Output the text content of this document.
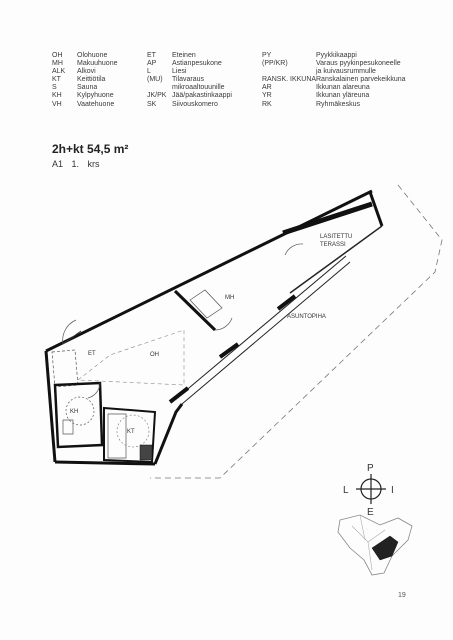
OH	Olohuone
MH	Makuuhuone
ALK	Alkovi
KT	Keittiötila
S	Sauna
KH	Kylpyhuone
VH	Vaatehuone
ET	Eteinen
AP	Astianpesukone
L	Liesi
(MU)	Tilavaraus
mikroaaltouunille
JK/PK Jää/pakastinkaappi
SK	Siivouskomero
PY	Pyykkikaappi
(PP/KR)	Varaus pyykinpesukoneelle
ja kuivausrummulle
RANSK. IKKUNA Ranskalainen parvekeikkuna
AR	Ikkunan alareuna
YR	Ikkunan yläreuna
RK	Ryhmäkeskus
2h+kt 54,5 m²
A1 1. krs
ET	OH
MH
KH
KT
LASITETTU
TERASSI
ASUNTOPIHA
P
I
E
L
19
